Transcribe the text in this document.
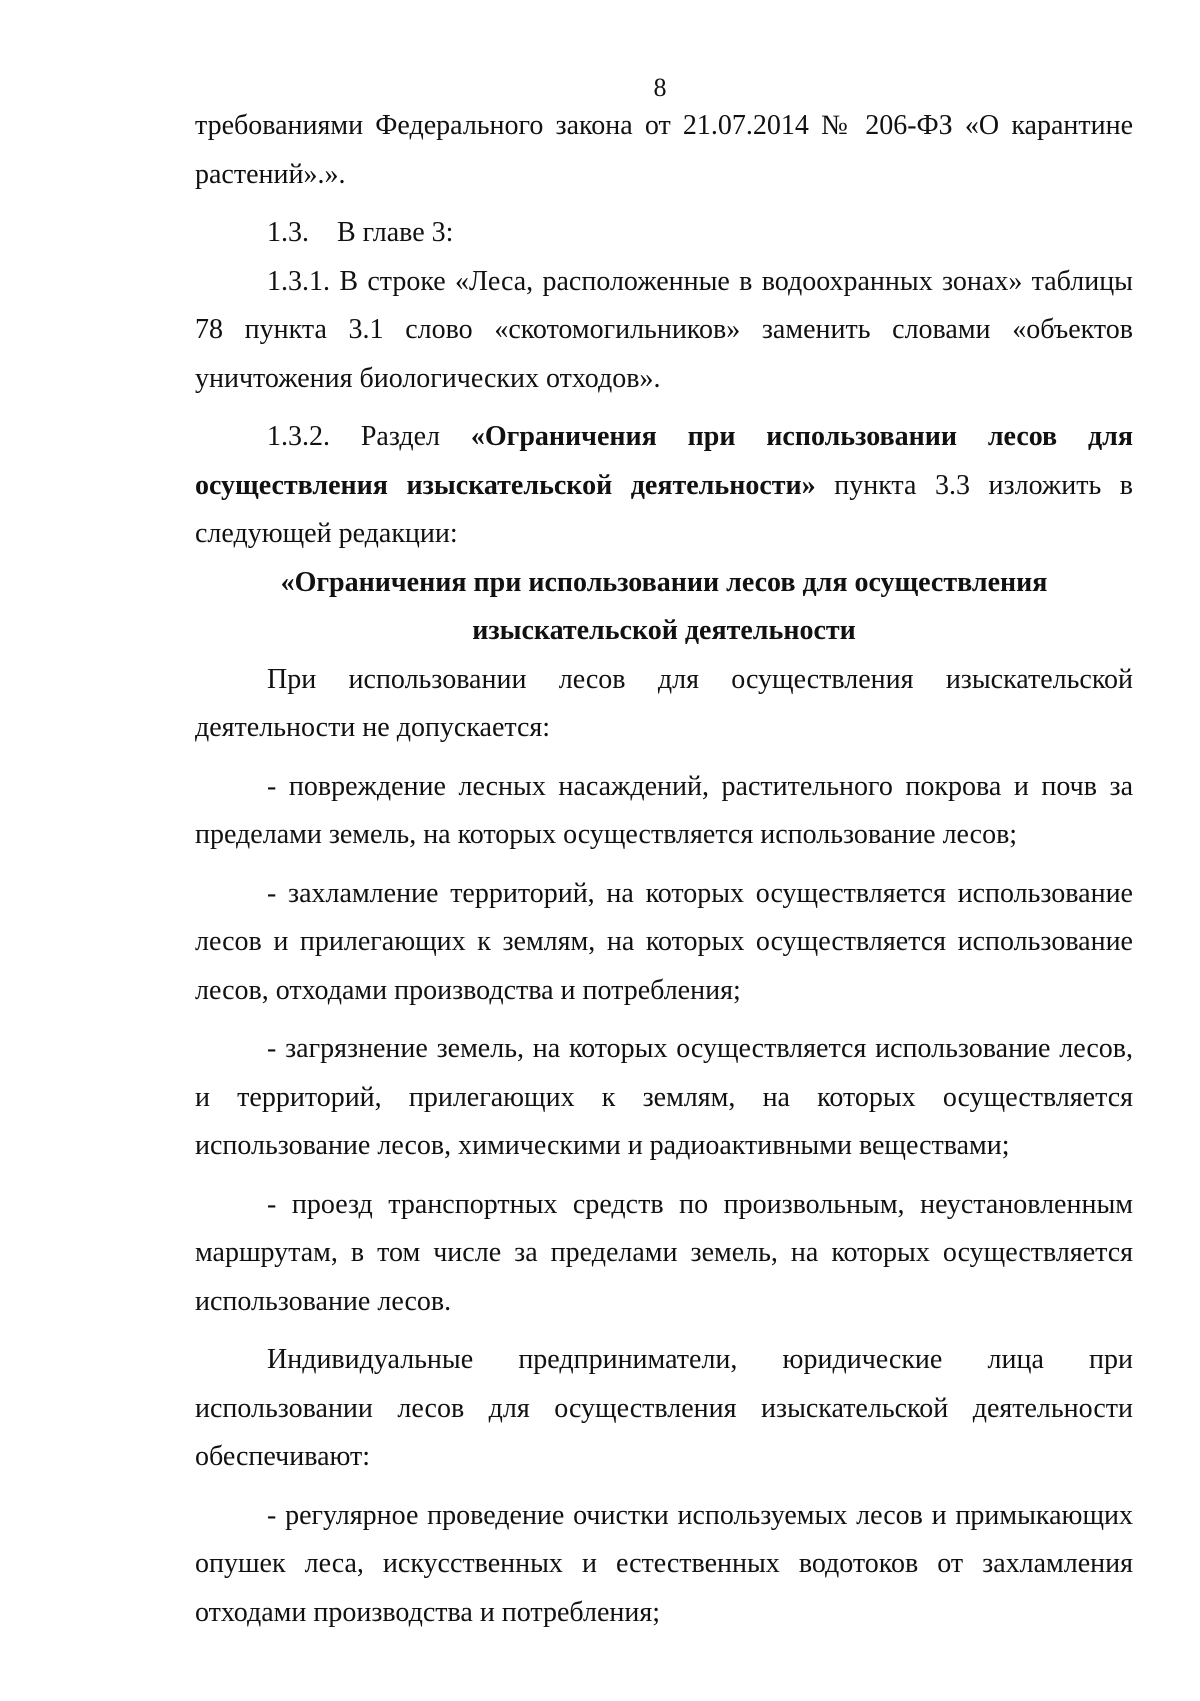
8

требованиями Федерального закона от 21.07.2014 № 206-ФЗ «О карантине растений».».

1.3.    В главе 3:

1.3.1. В строке «Леса, расположенные в водоохранных зонах» таблицы 78 пункта 3.1 слово «скотомогильников» заменить словами «объектов уничтожения биологических отходов».

1.3.2. Раздел «Ограничения при использовании лесов для осуществления изыскательской деятельности» пункта 3.3 изложить в следующей редакции:

«Ограничения при использовании лесов для осуществления изыскательской деятельности

При использовании лесов для осуществления изыскательской деятельности не допускается:

- повреждение лесных насаждений, растительного покрова и почв за пределами земель, на которых осуществляется использование лесов;

- захламление территорий, на которых осуществляется использование лесов и прилегающих к землям, на которых осуществляется использование лесов, отходами производства и потребления;

- загрязнение земель, на которых осуществляется использование лесов, и территорий, прилегающих к землям, на которых осуществляется использование лесов, химическими и радиоактивными веществами;

- проезд транспортных средств по произвольным, неустановленным маршрутам, в том числе за пределами земель, на которых осуществляется использование лесов.

Индивидуальные предприниматели, юридические лица при использовании лесов для осуществления изыскательской деятельности обеспечивают:

- регулярное проведение очистки используемых лесов и примыкающих опушек леса, искусственных и естественных водотоков от захламления отходами производства и потребления;
